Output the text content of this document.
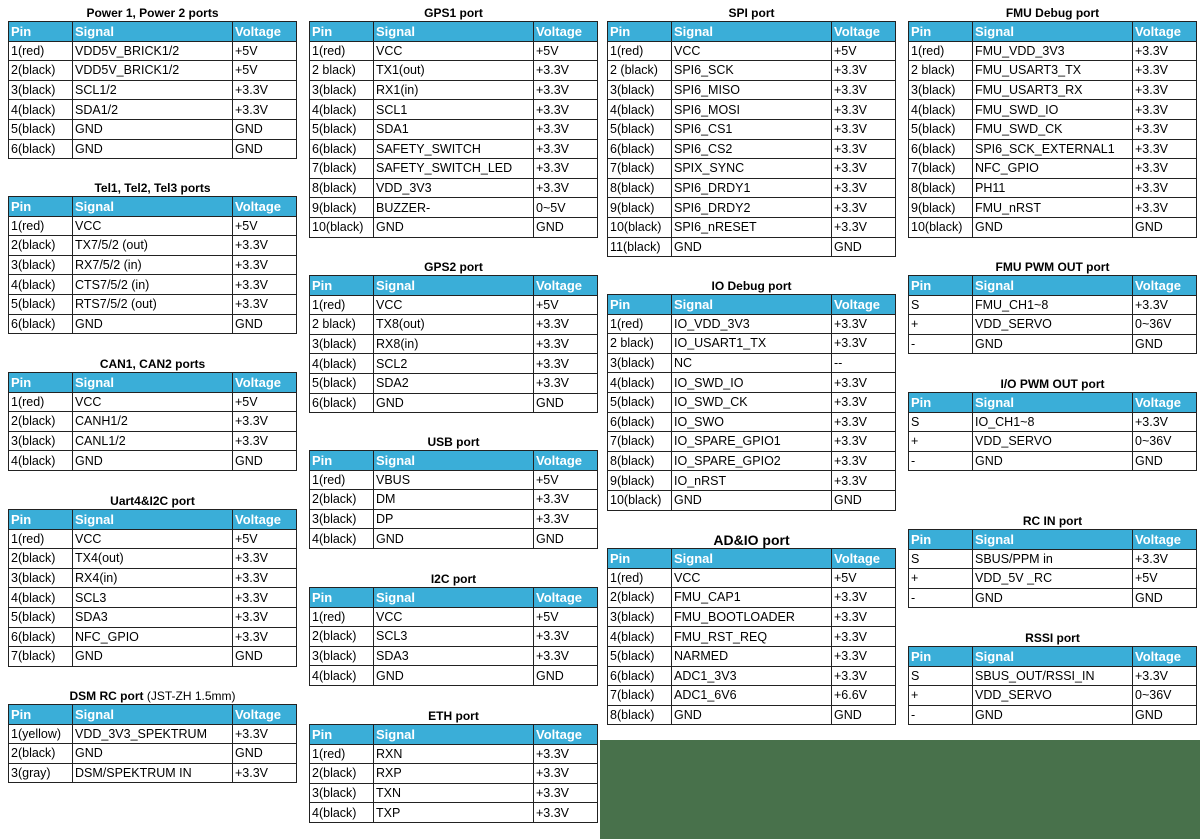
Power 1, Power 2 ports
Pin	Signal	Voltage
1(red)	VDD5V_BRICK1/2	+5V
2(black)	VDD5V_BRICK1/2	+5V
3(black)	SCL1/2	+3.3V
4(black)	SDA1/2	+3.3V
5(black)	GND	GND
6(black)	GND	GND
Tel1, Tel2, Tel3 ports
Pin	Signal	Voltage
1(red)	VCC	+5V
2(black)	TX7/5/2 (out)	+3.3V
3(black)	RX7/5/2 (in)	+3.3V
4(black)	CTS7/5/2 (in)	+3.3V
5(black)	RTS7/5/2 (out)	+3.3V
6(black)	GND	GND
CAN1, CAN2 ports
Pin	Signal	Voltage
1(red)	VCC	+5V
2(black)	CANH1/2	+3.3V
3(black)	CANL1/2	+3.3V
4(black)	GND	GND
Uart4&I2C port
Pin	Signal	Voltage
1(red)	VCC	+5V
2(black)	TX4(out)	+3.3V
3(black)	RX4(in)	+3.3V
4(black)	SCL3	+3.3V
5(black)	SDA3	+3.3V
6(black)	NFC_GPIO	+3.3V
7(black)	GND	GND
DSM RC port (JST-ZH 1.5mm)
Pin	Signal	Voltage
1(yellow)	VDD_3V3_SPEKTRUM	+3.3V
2(black)	GND	GND
3(gray)	DSM/SPEKTRUM IN	+3.3V
GPS1 port
Pin	Signal	Voltage
1(red)	VCC	+5V
2 black)	TX1(out)	+3.3V
3(black)	RX1(in)	+3.3V
4(black)	SCL1	+3.3V
5(black)	SDA1	+3.3V
6(black)	SAFETY_SWITCH	+3.3V
7(black)	SAFETY_SWITCH_LED	+3.3V
8(black)	VDD_3V3	+3.3V
9(black)	BUZZER-	0~5V
10(black)	GND	GND
GPS2 port
Pin	Signal	Voltage
1(red)	VCC	+5V
2 black)	TX8(out)	+3.3V
3(black)	RX8(in)	+3.3V
4(black)	SCL2	+3.3V
5(black)	SDA2	+3.3V
6(black)	GND	GND
USB port
Pin	Signal	Voltage
1(red)	VBUS	+5V
2(black)	DM	+3.3V
3(black)	DP	+3.3V
4(black)	GND	GND
I2C port
Pin	Signal	Voltage
1(red)	VCC	+5V
2(black)	SCL3	+3.3V
3(black)	SDA3	+3.3V
4(black)	GND	GND
ETH port
Pin	Signal	Voltage
1(red)	RXN	+3.3V
2(black)	RXP	+3.3V
3(black)	TXN	+3.3V
4(black)	TXP	+3.3V
SPI port
Pin	Signal	Voltage
1(red)	VCC	+5V
2 (black)	SPI6_SCK	+3.3V
3(black)	SPI6_MISO	+3.3V
4(black)	SPI6_MOSI	+3.3V
5(black)	SPI6_CS1	+3.3V
6(black)	SPI6_CS2	+3.3V
7(black)	SPIX_SYNC	+3.3V
8(black)	SPI6_DRDY1	+3.3V
9(black)	SPI6_DRDY2	+3.3V
10(black)	SPI6_nRESET	+3.3V
11(black)	GND	GND
IO Debug port
Pin	Signal	Voltage
1(red)	IO_VDD_3V3	+3.3V
2 black)	IO_USART1_TX	+3.3V
3(black)	NC	--
4(black)	IO_SWD_IO	+3.3V
5(black)	IO_SWD_CK	+3.3V
6(black)	IO_SWO	+3.3V
7(black)	IO_SPARE_GPIO1	+3.3V
8(black)	IO_SPARE_GPIO2	+3.3V
9(black)	IO_nRST	+3.3V
10(black)	GND	GND
AD&IO port
Pin	Signal	Voltage
1(red)	VCC	+5V
2(black)	FMU_CAP1	+3.3V
3(black)	FMU_BOOTLOADER	+3.3V
4(black)	FMU_RST_REQ	+3.3V
5(black)	NARMED	+3.3V
6(black)	ADC1_3V3	+3.3V
7(black)	ADC1_6V6	+6.6V
8(black)	GND	GND
FMU Debug port
Pin	Signal	Voltage
1(red)	FMU_VDD_3V3	+3.3V
2 black)	FMU_USART3_TX	+3.3V
3(black)	FMU_USART3_RX	+3.3V
4(black)	FMU_SWD_IO	+3.3V
5(black)	FMU_SWD_CK	+3.3V
6(black)	SPI6_SCK_EXTERNAL1	+3.3V
7(black)	NFC_GPIO	+3.3V
8(black)	PH11	+3.3V
9(black)	FMU_nRST	+3.3V
10(black)	GND	GND
FMU PWM OUT port
Pin	Signal	Voltage
S	FMU_CH1~8	+3.3V
+	VDD_SERVO	0~36V
-	GND	GND
I/O PWM OUT port
Pin	Signal	Voltage
S	IO_CH1~8	+3.3V
+	VDD_SERVO	0~36V
-	GND	GND
RC IN port
Pin	Signal	Voltage
S	SBUS/PPM in	+3.3V
+	VDD_5V _RC	+5V
-	GND	GND
RSSI port
Pin	Signal	Voltage
S	SBUS_OUT/RSSI_IN	+3.3V
+	VDD_SERVO	0~36V
-	GND	GND
